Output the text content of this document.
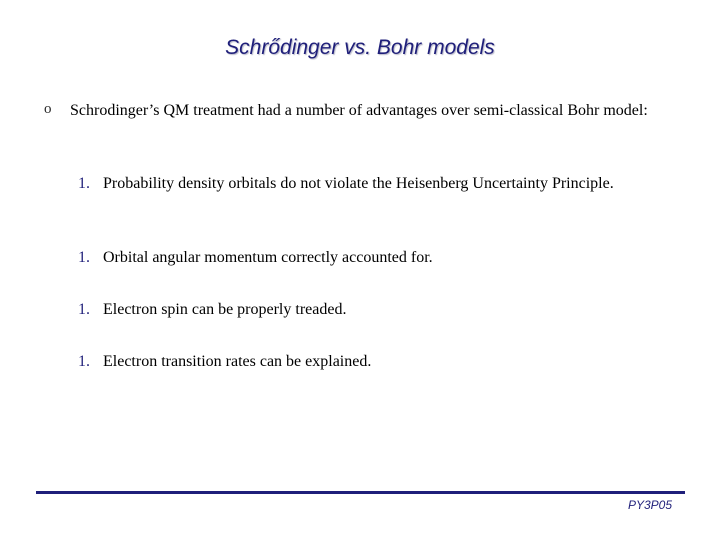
Schrődinger vs. Bohr models
o Schrodinger’s QM treatment had a number of advantages over semi-classical Bohr model:
1. Probability density orbitals do not violate the Heisenberg Uncertainty Principle.
1. Orbital angular momentum correctly accounted for.
1. Electron spin can be properly treaded.
1. Electron transition rates can be explained.
PY3P05
